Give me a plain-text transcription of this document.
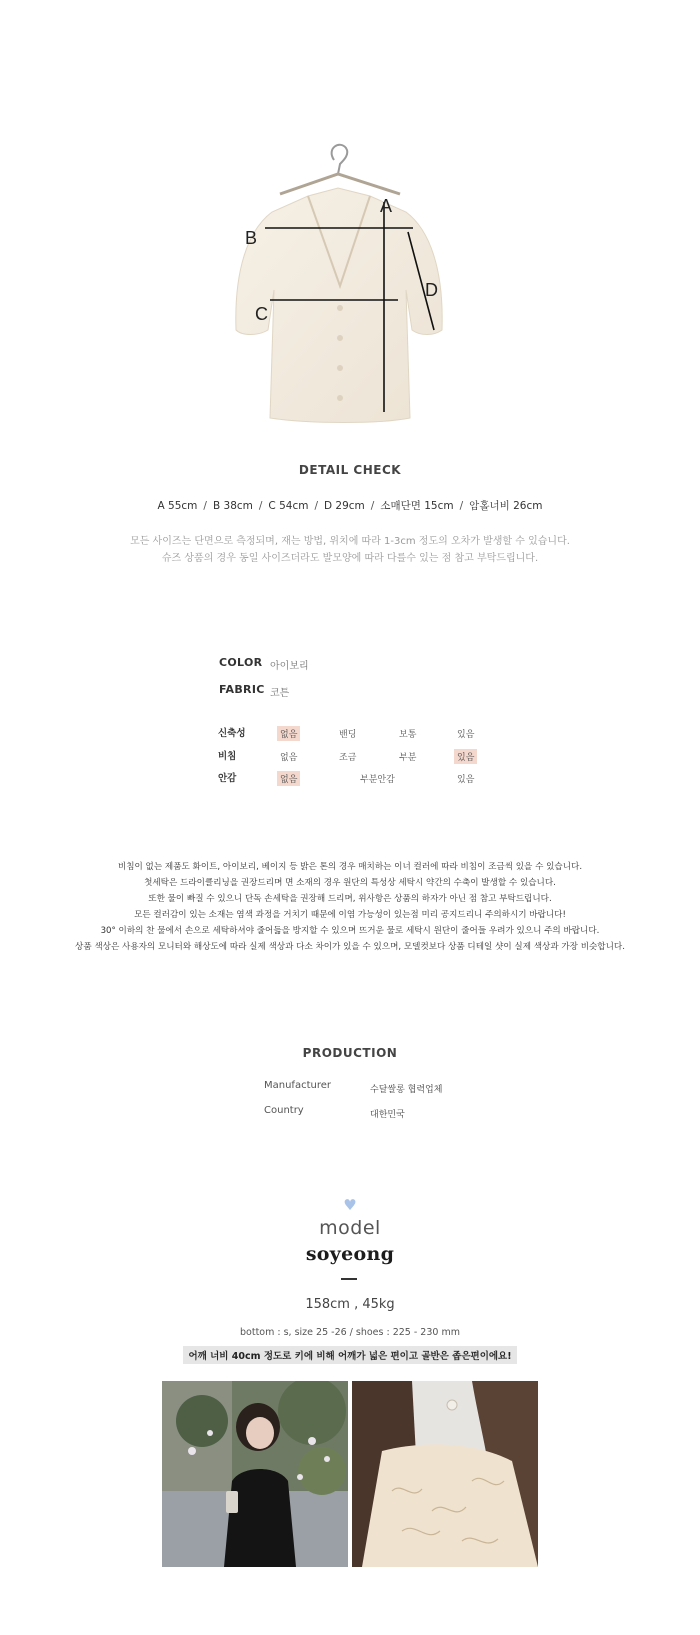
A
B
C
D
DETAIL CHECK
A 55cm / B 38cm / C 54cm / D 29cm / 소매단면 15cm / 암홀너비 26cm
모든 사이즈는 단면으로 측정되며, 재는 방법, 위치에 따라 1-3cm 정도의 오차가 발생할 수 있습니다.
슈즈 상품의 경우 동일 사이즈더라도 발모양에 따라 다를수 있는 점 참고 부탁드립니다.
COLOR 아이보리
FABRIC 코튼
신축성	없음	밴딩	보통	있음
비침	없음	조금	부분	있음
안감	없음	부분안감	있음
비침이 없는 제품도 화이트, 아이보리, 베이지 등 밝은 톤의 경우 매치하는 이너 컬러에 따라 비침이 조금씩 있을 수 있습니다.
첫세탁은 드라이클리닝을 권장드리며 면 소재의 경우 원단의 특성상 세탁시 약간의 수축이 발생할 수 있습니다.
또한 물이 빠질 수 있으니 단독 손세탁을 권장해 드리며, 위사항은 상품의 하자가 아닌 점 참고 부탁드립니다.
모든 컬러감이 있는 소재는 염색 과정을 거치기 때문에 이염 가능성이 있는점 미리 공지드리니 주의하시기 바랍니다!
30° 이하의 찬 물에서 손으로 세탁하셔야 줄어듦을 방지할 수 있으며 뜨거운 물로 세탁시 원단이 줄어들 우려가 있으니 주의 바랍니다.
상품 색상은 사용자의 모니터와 해상도에 따라 실제 색상과 다소 차이가 있을 수 있으며, 모델컷보다 상품 디테일 샷이 실제 색상과 가장 비슷합니다.
PRODUCTION
Manufacturer	수달쌀롱 협력업체
Country	대한민국
♥
model
soyeong
158cm , 45kg
bottom : s, size 25 -26 / shoes : 225 - 230 mm
어깨 너비 40cm 정도로 키에 비해 어깨가 넓은 편이고 골반은 좁은편이에요!
